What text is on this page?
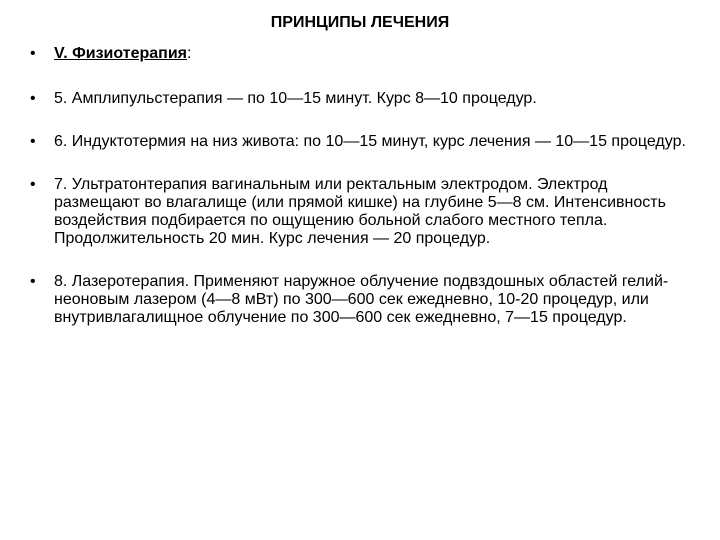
ПРИНЦИПЫ ЛЕЧЕНИЯ
•	V. Физиотерапия:
•	5. Амплипульстерапия — по 10—15 минут. Курс 8—10 процедур.
•	6. Индуктотермия на низ живота: по 10—15 минут, курс лечения — 10—15 процедур.
•	7. Ультратонтерапия вагинальным или ректальным электродом. Электрод размещают во влагалище (или прямой кишке) на глубине 5—8 см. Интенсивность воздействия подбирается по ощущению больной слабого местного тепла. Продолжительность 20 мин. Курс лечения — 20 процедур.
•	8. Лазеротерапия. Применяют наружное облучение подвздошных областей гелий-неоновым лазером (4—8 мВт) по 300—600 сек ежедневно, 10-20 процедур, или внутривлагалищное облучение по 300—600 сек ежедневно, 7—15 процедур.
